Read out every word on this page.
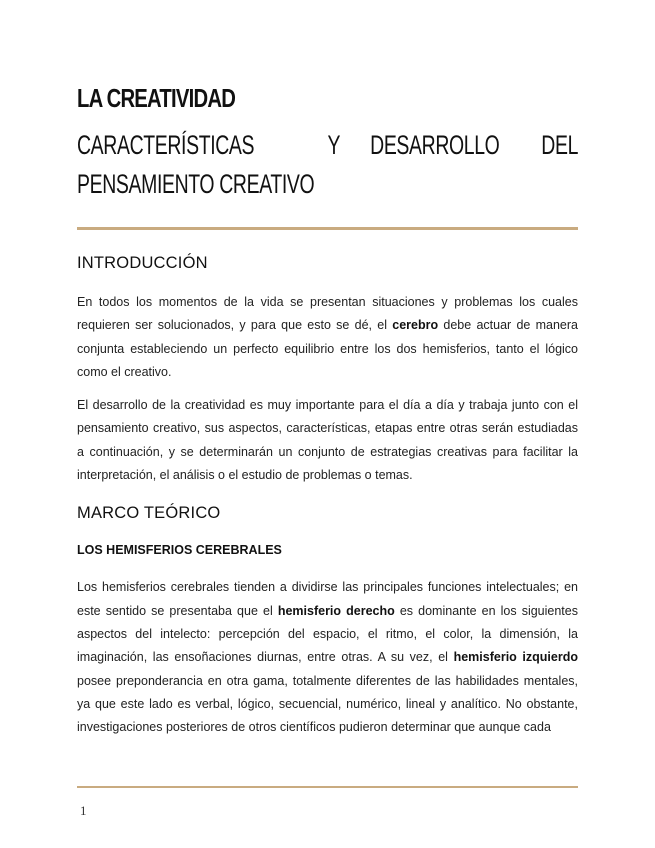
LA CREATIVIDAD
CARACTERÍSTICAS	Y DESARROLLO DEL
PENSAMIENTO CREATIVO
INTRODUCCIÓN

En todos los momentos de la vida se presentan situaciones y problemas los cuales requieren ser solucionados, y para que esto se dé, el cerebro debe actuar de manera conjunta estableciendo un perfecto equilibrio entre los dos hemisferios, tanto el lógico como el creativo.

El desarrollo de la creatividad es muy importante para el día a día y trabaja junto con el pensamiento creativo, sus aspectos, características, etapas entre otras serán estudiadas a continuación, y se determinarán un conjunto de estrategias creativas para facilitar la interpretación, el análisis o el estudio de problemas o temas.

MARCO TEÓRICO
LOS HEMISFERIOS CEREBRALES

Los hemisferios cerebrales tienden a dividirse las principales funciones intelectuales; en este sentido se presentaba que el hemisferio derecho es dominante en los siguientes aspectos del intelecto: percepción del espacio, el ritmo, el color, la dimensión, la imaginación, las ensoñaciones diurnas, entre otras. A su vez, el hemisferio izquierdo posee preponderancia en otra gama, totalmente diferentes de las habilidades mentales, ya que este lado es verbal, lógico, secuencial, numérico, lineal y analítico. No obstante, investigaciones posteriores de otros científicos pudieron determinar que aunque cada

1
